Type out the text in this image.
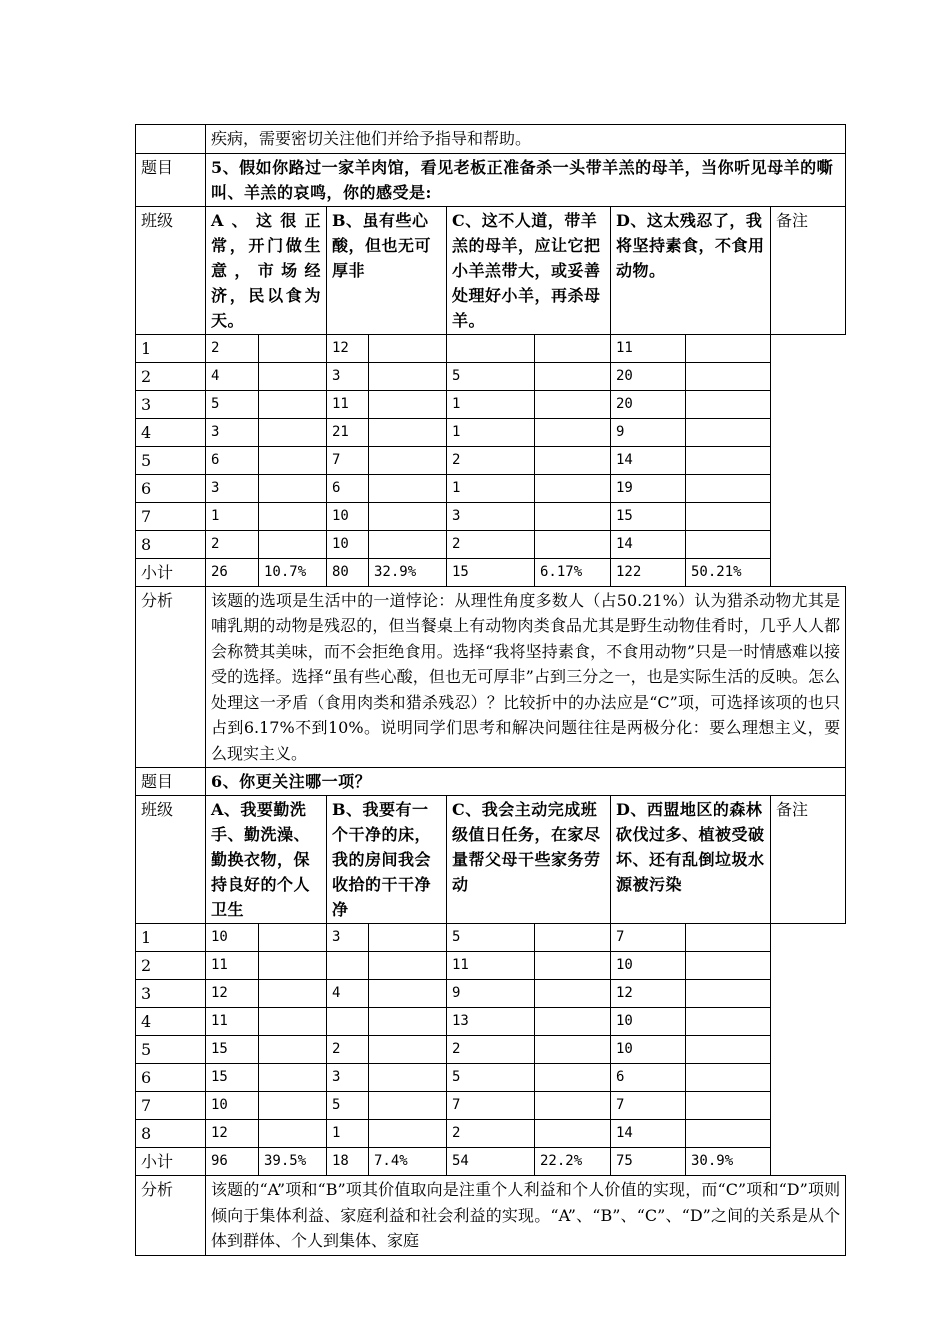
	疾病，需要密切关注他们并给予指导和帮助。								
题目	5、假如你路过一家羊肉馆，看见老板正准备杀一头带羊羔的母羊，当你听见母羊的嘶叫、羊羔的哀鸣，你的感受是:								
班级	A、这很正常，开门做生意，市场经济，民以食为天。		B、虽有些心酸，但也无可厚非		C、这不人道，带羊羔的母羊，应让它把小羊羔带大，或妥善处理好小羊，再杀母羊。		D、这太残忍了，我将坚持素食，不食用动物。		备注
1	2		12				11		
2	4		3		5		20		
3	5		11		1		20		
4	3		21		1		9		
5	6		7		2		14		
6	3		6		1		19		
7	1		10		3		15		
8	2		10		2		14		
小计	26	10.7%	80	32.9%	15	6.17%	122	50.21%	
分析	该题的选项是生活中的一道悖论：从理性角度多数人（占50.21%）认为猎杀动物尤其是哺乳期的动物是残忍的，但当餐桌上有动物肉类食品尤其是野生动物佳肴时，几乎人人都会称赞其美味，而不会拒绝食用。选择“我将坚持素食，不食用动物”只是一时情感难以接受的选择。选择“虽有些心酸，但也无可厚非”占到三分之一，也是实际生活的反映。怎么处理这一矛盾（食用肉类和猎杀残忍）？比较折中的办法应是“C”项，可选择该项的也只占到6.17%不到10%。说明同学们思考和解决问题往往是两极分化：要么理想主义，要么现实主义。								
题目	6、你更关注哪一项？								
班级	A、我要勤洗手、勤洗澡、勤换衣物，保持良好的个人卫生		B、我要有一个干净的床，我的房间我会收拾的干干净净		C、我会主动完成班级值日任务，在家尽量帮父母干些家务劳动		D、西盟地区的森林砍伐过多、植被受破坏、还有乱倒垃圾水源被污染		备注
1	10		3		5		7		
2	11				11		10		
3	12		4		9		12		
4	11				13		10		
5	15		2		2		10		
6	15		3		5		6		
7	10		5		7		7		
8	12		1		2		14		
小计	96	39.5%	18	7.4%	54	22.2%	75	30.9%	
分析	该题的“A”项和“B”项其价值取向是注重个人利益和个人价值的实现，而“C”项和“D”项则倾向于集体利益、家庭利益和社会利益的实现。“A”、“B”、“C”、“D”之间的关系是从个体到群体、个人到集体、家庭								
